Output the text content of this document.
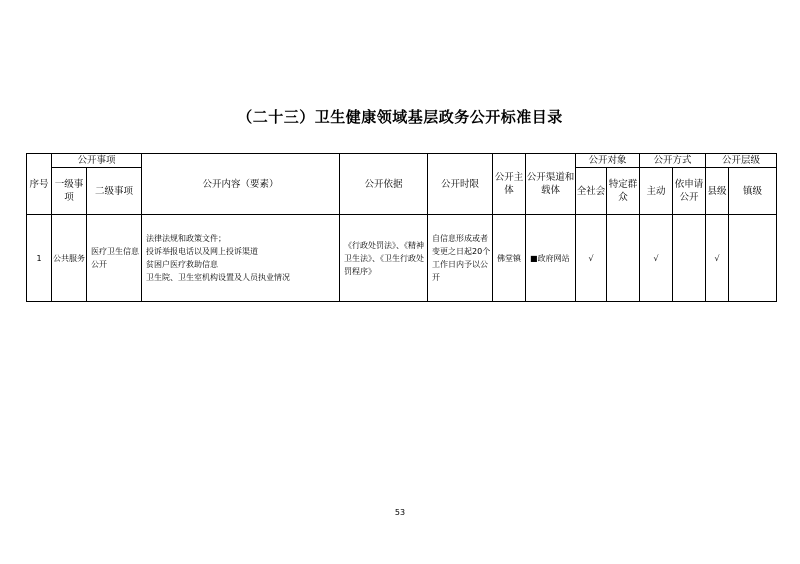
（二十三）卫生健康领域基层政务公开标准目录
序号	公开事项		公开内容（要素）	公开依据	公开时限	公开主体	公开渠道和载体	公开对象		公开方式		公开层级	
	一级事项	二级事项						全社会	特定群众	主动	依申请公开	县级	镇级
1	公共服务	医疗卫生信息公开	法律法规和政策文件；
投诉举报电话以及网上投诉渠道
贫困户医疗救助信息
卫生院、卫生室机构设置及人员执业情况	《行政处罚法》、《精神卫生法》、《卫生行政处罚程序》	自信息形成或者变更之日起20个工作日内予以公开	佛堂镇	■政府网站	√		√		√	
53
